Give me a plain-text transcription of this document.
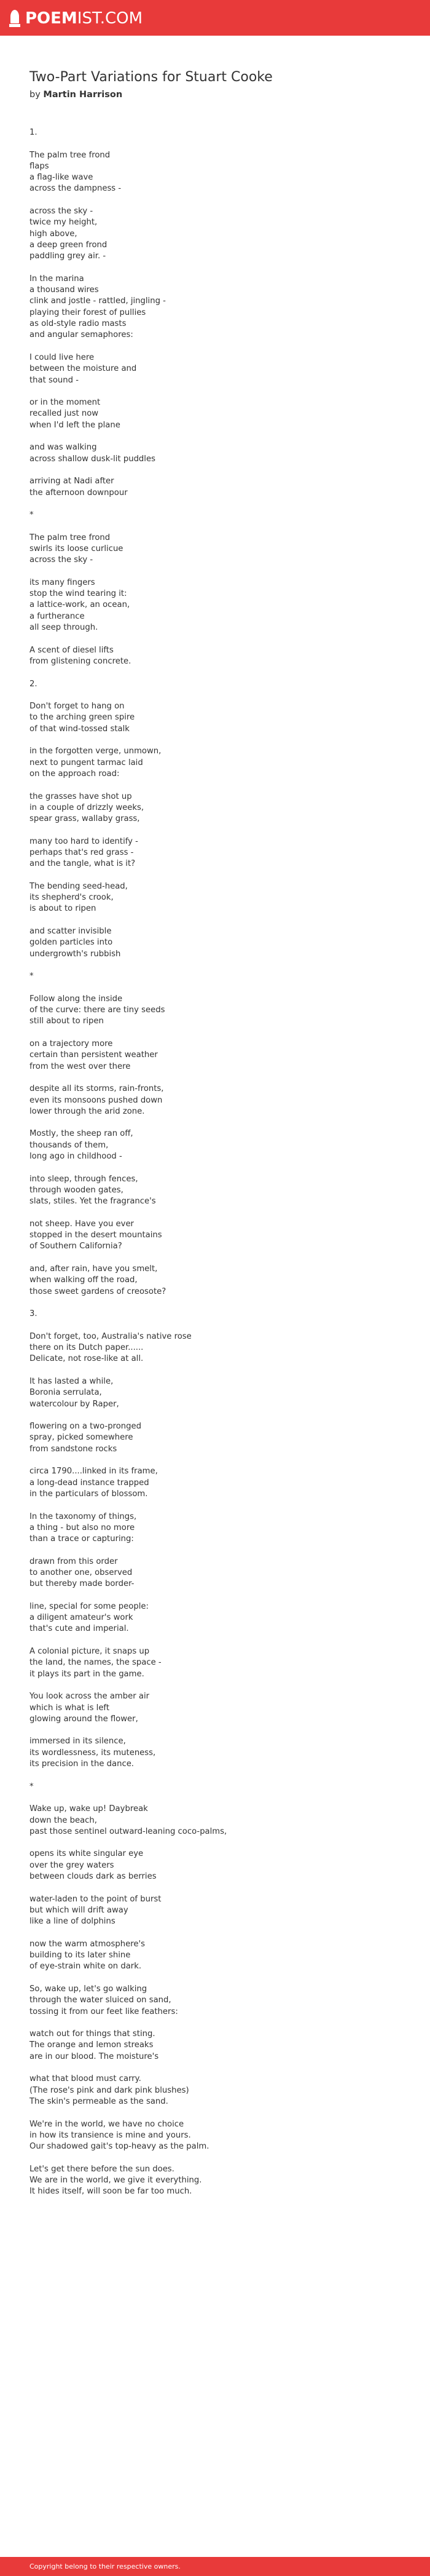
POEMIST.COM
Two-Part Variations for Stuart Cooke
by Martin Harrison
1.
The palm tree frond
flaps
a flag-like wave
across the dampness -
across the sky -
twice my height,
high above,
a deep green frond
paddling grey air. -
In the marina
a thousand wires
clink and jostle - rattled, jingling -
playing their forest of pullies
as old-style radio masts
and angular semaphores:
I could live here
between the moisture and
that sound -
or in the moment
recalled just now
when I'd left the plane
and was walking
across shallow dusk-lit puddles
arriving at Nadi after
the afternoon downpour
*
The palm tree frond
swirls its loose curlicue
across the sky -
its many fingers
stop the wind tearing it:
a lattice-work, an ocean,
a furtherance
all seep through.
A scent of diesel lifts
from glistening concrete.
2.
Don't forget to hang on
to the arching green spire
of that wind-tossed stalk
in the forgotten verge, unmown,
next to pungent tarmac laid
on the approach road:
the grasses have shot up
in a couple of drizzly weeks,
spear grass, wallaby grass,
many too hard to identify -
perhaps that's red grass -
and the tangle, what is it?
The bending seed-head,
its shepherd's crook,
is about to ripen
and scatter invisible
golden particles into
undergrowth's rubbish
*
Follow along the inside
of the curve: there are tiny seeds
still about to ripen
on a trajectory more
certain than persistent weather
from the west over there
despite all its storms, rain-fronts,
even its monsoons pushed down
lower through the arid zone.
Mostly, the sheep ran off,
thousands of them,
long ago in childhood -
into sleep, through fences,
through wooden gates,
slats, stiles. Yet the fragrance's
not sheep. Have you ever
stopped in the desert mountains
of Southern California?
and, after rain, have you smelt,
when walking off the road,
those sweet gardens of creosote?
3.
Don't forget, too, Australia's native rose
there on its Dutch paper......
Delicate, not rose-like at all.
It has lasted a while,
Boronia serrulata,
watercolour by Raper,
flowering on a two-pronged
spray, picked somewhere
from sandstone rocks
circa 1790....linked in its frame,
a long-dead instance trapped
in the particulars of blossom.
In the taxonomy of things,
a thing - but also no more
than a trace or capturing:
drawn from this order
to another one, observed
but thereby made border-
line, special for some people:
a diligent amateur's work
that's cute and imperial.
A colonial picture, it snaps up
the land, the names, the space -
it plays its part in the game.
You look across the amber air
which is what is left
glowing around the flower,
immersed in its silence,
its wordlessness, its muteness,
its precision in the dance.
*
Wake up, wake up! Daybreak
down the beach,
past those sentinel outward-leaning coco-palms,
opens its white singular eye
over the grey waters
between clouds dark as berries
water-laden to the point of burst
but which will drift away
like a line of dolphins
now the warm atmosphere's
building to its later shine
of eye-strain white on dark.
So, wake up, let's go walking
through the water sluiced on sand,
tossing it from our feet like feathers:
watch out for things that sting.
The orange and lemon streaks
are in our blood. The moisture's
what that blood must carry.
(The rose's pink and dark pink blushes)
The skin's permeable as the sand.
We're in the world, we have no choice
in how its transience is mine and yours.
Our shadowed gait's top-heavy as the palm.
Let's get there before the sun does.
We are in the world, we give it everything.
It hides itself, will soon be far too much.
Copyright belong to their respective owners.
